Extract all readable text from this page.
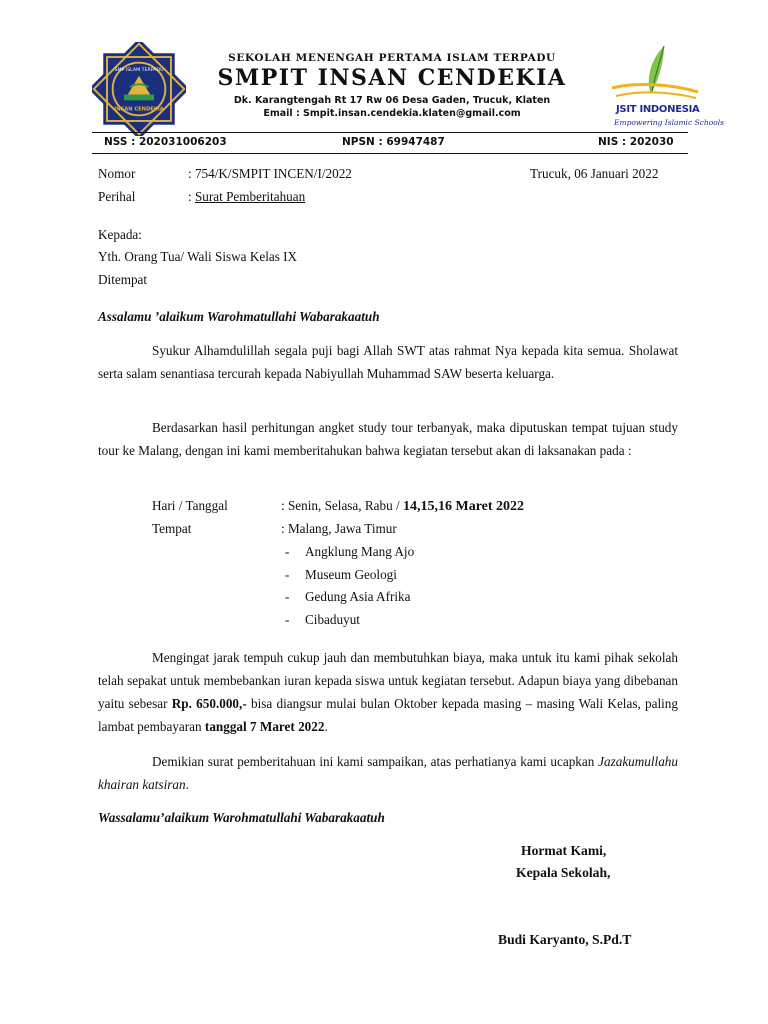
SMP ISLAM TERPADU
INSAN CENDEKIA
SEKOLAH MENENGAH PERTAMA ISLAM TERPADU
SMPIT INSAN CENDEKIA
Dk. Karangtengah Rt 17 Rw 06 Desa Gaden, Trucuk, Klaten
Email : Smpit.insan.cendekia.klaten@gmail.com	JSIT INDONESIA
Empowering Islamic Schools
NSS : 202031006203	NPSN : 69947487	NIS : 202030
Nomor	: 754/K/SMPIT INCEN/I/2022	Trucuk, 06 Januari 2022
Perihal	: Surat Pemberitahuan
Kepada:
Yth. Orang Tua/ Wali Siswa Kelas IX
Ditempat
Assalamu ’alaikum Warohmatullahi Wabarakaatuh
Syukur Alhamdulillah segala puji bagi Allah SWT atas rahmat Nya kepada kita semua. Sholawat serta salam senantiasa tercurah kepada Nabiyullah Muhammad SAW beserta keluarga.
Berdasarkan hasil perhitungan angket study tour terbanyak, maka diputuskan tempat tujuan study tour ke Malang, dengan ini kami memberitahukan bahwa kegiatan tersebut akan di laksanakan pada :
Hari / Tanggal	: Senin, Selasa, Rabu / 14,15,16 Maret 2022
Tempat	: Malang, Jawa Timur
- Angklung Mang Ajo
- Museum Geologi
- Gedung Asia Afrika
- Cibaduyut
Mengingat jarak tempuh cukup jauh dan membutuhkan biaya, maka untuk itu kami pihak sekolah telah sepakat untuk membebankan iuran kepada siswa untuk kegiatan tersebut. Adapun biaya yang dibebanan yaitu sebesar Rp. 650.000,- bisa diangsur mulai bulan Oktober kepada masing – masing Wali Kelas, paling lambat pembayaran tanggal 7 Maret 2022.
Demikian surat pemberitahuan ini kami sampaikan, atas perhatianya kami ucapkan Jazakumullahu khairan katsiran.
Wassalamu’alaikum Warohmatullahi Wabarakaatuh
Hormat Kami,
Kepala Sekolah,
Budi Karyanto, S.Pd.T
